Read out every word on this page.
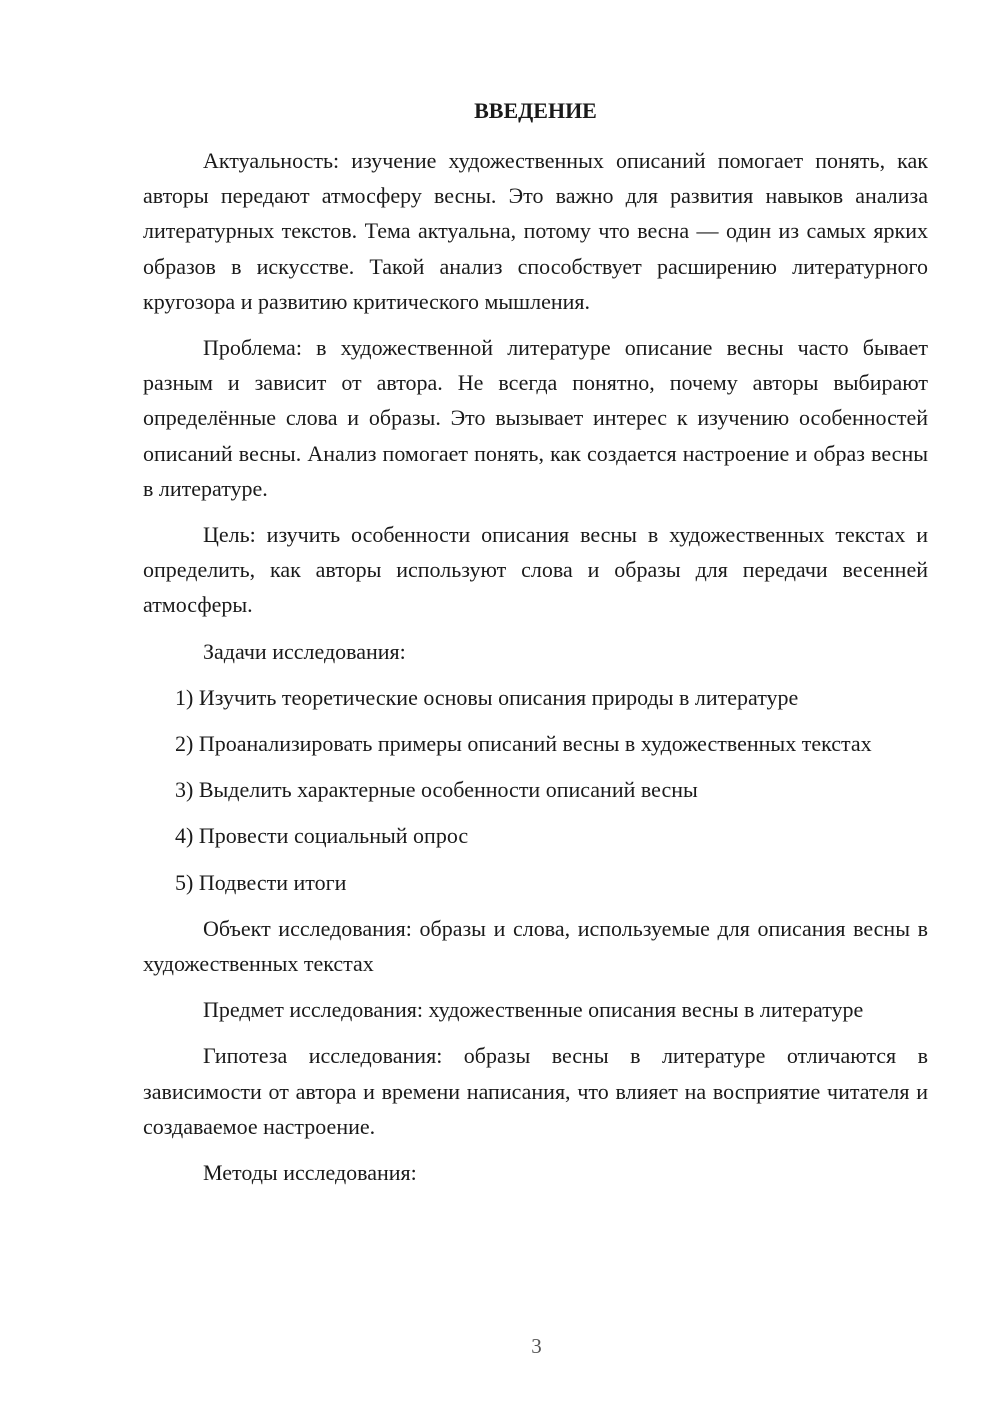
ВВЕДЕНИЕ

Актуальность: изучение художественных описаний помогает понять, как авторы передают атмосферу весны. Это важно для развития навыков анализа литературных текстов. Тема актуальна, потому что весна — один из самых ярких образов в искусстве. Такой анализ способствует расширению литературного кругозора и развитию критического мышления.

Проблема: в художественной литературе описание весны часто бывает разным и зависит от автора. Не всегда понятно, почему авторы выбирают определённые слова и образы. Это вызывает интерес к изучению особенностей описаний весны. Анализ помогает понять, как создается настроение и образ весны в литературе.

Цель: изучить особенности описания весны в художественных текстах и определить, как авторы используют слова и образы для передачи весенней атмосферы.

Задачи исследования:

1) Изучить теоретические основы описания природы в литературе

2) Проанализировать примеры описаний весны в художественных текстах

3) Выделить характерные особенности описаний весны

4) Провести социальный опрос

5) Подвести итоги

Объект исследования: образы и слова, используемые для описания весны в художественных текстах

Предмет исследования: художественные описания весны в литературе

Гипотеза исследования: образы весны в литературе отличаются в зависимости от автора и времени написания, что влияет на восприятие читателя и создаваемое настроение.

Методы исследования:

3
